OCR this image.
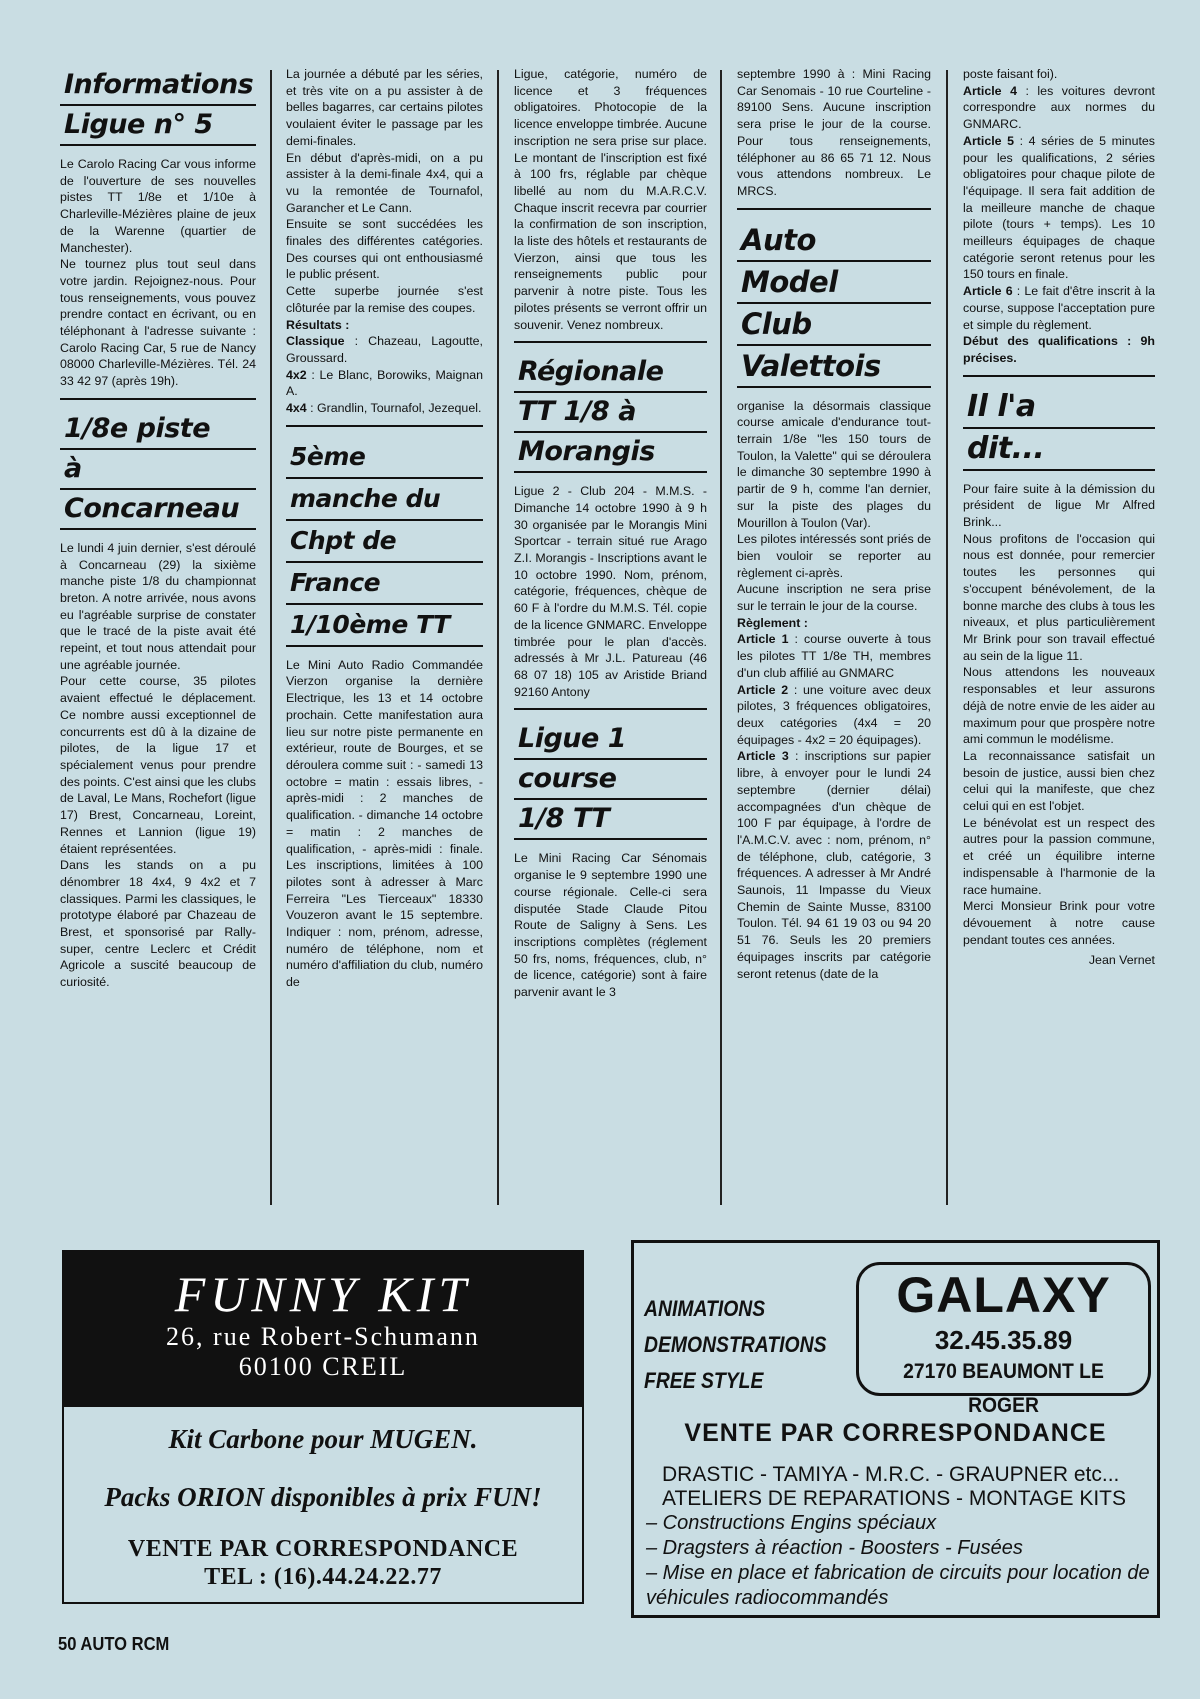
Informations
Ligue n° 5

Le Carolo Racing Car vous informe de l'ouverture de ses nouvelles pistes TT 1/8e et 1/10e à Charleville-Mézières plaine de jeux de la Warenne (quartier de Manchester).

Ne tournez plus tout seul dans votre jardin. Rejoignez-nous. Pour tous renseignements, vous pouvez prendre contact en écrivant, ou en téléphonant à l'adresse suivante : Carolo Racing Car, 5 rue de Nancy 08000 Charleville-Mézières. Tél. 24 33 42 97 (après 19h).

1/8e piste
à
Concarneau

Le lundi 4 juin dernier, s'est déroulé à Concarneau (29) la sixième manche piste 1/8 du championnat breton. A notre arrivée, nous avons eu l'agréable surprise de constater que le tracé de la piste avait été repeint, et tout nous attendait pour une agréable journée.

Pour cette course, 35 pilotes avaient effectué le déplacement. Ce nombre aussi exceptionnel de concurrents est dû à la dizaine de pilotes, de la ligue 17 et spécialement venus pour prendre des points. C'est ainsi que les clubs de Laval, Le Mans, Rochefort (ligue 17) Brest, Concarneau, Loreint, Rennes et Lannion (ligue 19) étaient représentées.

Dans les stands on a pu dénombrer 18 4x4, 9 4x2 et 7 classiques. Parmi les classiques, le prototype élaboré par Chazeau de Brest, et sponsorisé par Rally-super, centre Leclerc et Crédit Agricole a suscité beaucoup de curiosité.

La journée a débuté par les séries, et très vite on a pu assister à de belles bagarres, car certains pilotes voulaient éviter le passage par les demi-finales.

En début d'après-midi, on a pu assister à la demi-finale 4x4, qui a vu la remontée de Tournafol, Garancher et Le Cann.

Ensuite se sont succédées les finales des différentes catégories. Des courses qui ont enthousiasmé le public présent.

Cette superbe journée s'est clôturée par la remise des coupes.

Résultats :

Classique : Chazeau, Lagoutte, Groussard.

4x2 : Le Blanc, Borowiks, Maignan A.

4x4 : Grandlin, Tournafol, Jezequel.

5ème
manche du
Chpt de
France
1/10ème TT

Le Mini Auto Radio Commandée Vierzon organise la dernière Electrique, les 13 et 14 octobre prochain. Cette manifestation aura lieu sur notre piste permanente en extérieur, route de Bourges, et se déroulera comme suit : - samedi 13 octobre = matin : essais libres, - après-midi : 2 manches de qualification. - dimanche 14 octobre = matin : 2 manches de qualification, - après-midi : finale. Les inscriptions, limitées à 100 pilotes sont à adresser à Marc Ferreira "Les Tierceaux" 18330 Vouzeron avant le 15 septembre. Indiquer : nom, prénom, adresse, numéro de téléphone, nom et numéro d'affiliation du club, numéro de

Ligue, catégorie, numéro de licence et 3 fréquences obligatoires. Photocopie de la licence enveloppe timbrée. Aucune inscription ne sera prise sur place. Le montant de l'inscription est fixé à 100 frs, réglable par chèque libellé au nom du M.A.R.C.V. Chaque inscrit recevra par courrier la confirmation de son inscription, la liste des hôtels et restaurants de Vierzon, ainsi que tous les renseignements public pour parvenir à notre piste. Tous les pilotes présents se verront offrir un souvenir. Venez nombreux.

Régionale
TT 1/8 à
Morangis

Ligue 2 - Club 204 - M.M.S. - Dimanche 14 octobre 1990 à 9 h 30 organisée par le Morangis Mini Sportcar - terrain situé rue Arago Z.I. Morangis - Inscriptions avant le 10 octobre 1990. Nom, prénom, catégorie, fréquences, chèque de 60 F à l'ordre du M.M.S. Tél. copie de la licence GNMARC. Enveloppe timbrée pour le plan d'accès. adressés à Mr J.L. Patureau (46 68 07 18) 105 av Aristide Briand 92160 Antony

Ligue 1
course
1/8 TT

Le Mini Racing Car Sénomais organise le 9 septembre 1990 une course régionale. Celle-ci sera disputée Stade Claude Pitou Route de Saligny à Sens. Les inscriptions complètes (réglement 50 frs, noms, fréquences, club, n° de licence, catégorie) sont à faire parvenir avant le 3

septembre 1990 à : Mini Racing Car Senomais - 10 rue Courteline - 89100 Sens. Aucune inscription sera prise le jour de la course. Pour tous renseignements, téléphoner au 86 65 71 12. Nous vous attendons nombreux. Le MRCS.

Auto
Model
Club
Valettois

organise la désormais classique course amicale d'endurance tout-terrain 1/8e "les 150 tours de Toulon, la Valette" qui se déroulera le dimanche 30 septembre 1990 à partir de 9 h, comme l'an dernier, sur la piste des plages du Mourillon à Toulon (Var).

Les pilotes intéressés sont priés de bien vouloir se reporter au règlement ci-après.

Aucune inscription ne sera prise sur le terrain le jour de la course.

Règlement :

Article 1 : course ouverte à tous les pilotes TT 1/8e TH, membres d'un club affilié au GNMARC

Article 2 : une voiture avec deux pilotes, 3 fréquences obligatoires, deux catégories (4x4 = 20 équipages - 4x2 = 20 équipages).

Article 3 : inscriptions sur papier libre, à envoyer pour le lundi 24 septembre (dernier délai) accompagnées d'un chèque de 100 F par équipage, à l'ordre de l'A.M.C.V. avec : nom, prénom, n° de téléphone, club, catégorie, 3 fréquences. A adresser à Mr André Saunois, 11 Impasse du Vieux Chemin de Sainte Musse, 83100 Toulon. Tél. 94 61 19 03 ou 94 20 51 76. Seuls les 20 premiers équipages inscrits par catégorie seront retenus (date de la

poste faisant foi).

Article 4 : les voitures devront correspondre aux normes du GNMARC.

Article 5 : 4 séries de 5 minutes pour les qualifications, 2 séries obligatoires pour chaque pilote de l'équipage. Il sera fait addition de la meilleure manche de chaque pilote (tours + temps). Les 10 meilleurs équipages de chaque catégorie seront retenus pour les 150 tours en finale.

Article 6 : Le fait d'être inscrit à la course, suppose l'acceptation pure et simple du règlement.

Début des qualifications : 9h précises.

Il l'a
dit...

Pour faire suite à la démission du président de ligue Mr Alfred Brink...

Nous profitons de l'occasion qui nous est donnée, pour remercier toutes les personnes qui s'occupent bénévolement, de la bonne marche des clubs à tous les niveaux, et plus particulièrement Mr Brink pour son travail effectué au sein de la ligue 11.

Nous attendons les nouveaux responsables et leur assurons déjà de notre envie de les aider au maximum pour que prospère notre ami commun le modélisme.

La reconnaissance satisfait un besoin de justice, aussi bien chez celui qui la manifeste, que chez celui qui en est l'objet.

Le bénévolat est un respect des autres pour la passion commune, et créé un équilibre interne indispensable à l'harmonie de la race humaine.

Merci Monsieur Brink pour votre dévouement à notre cause pendant toutes ces années.

Jean Vernet

FUNNY KIT
26, rue Robert-Schumann
60100 CREIL
Kit Carbone pour MUGEN.
Packs ORION disponibles à prix FUN!
VENTE PAR CORRESPONDANCE
TEL : (16).44.24.22.77
ANIMATIONS
DEMONSTRATIONS
FREE STYLE
GALAXY
32.45.35.89
27170 BEAUMONT LE ROGER
VENTE PAR CORRESPONDANCE
DRASTIC - TAMIYA - M.R.C. - GRAUPNER etc...
ATELIERS DE REPARATIONS - MONTAGE KITS
– Constructions Engins spéciaux
– Dragsters à réaction - Boosters - Fusées
– Mise en place et fabrication de circuits pour location de véhicules radiocommandés
50 AUTO RCM
